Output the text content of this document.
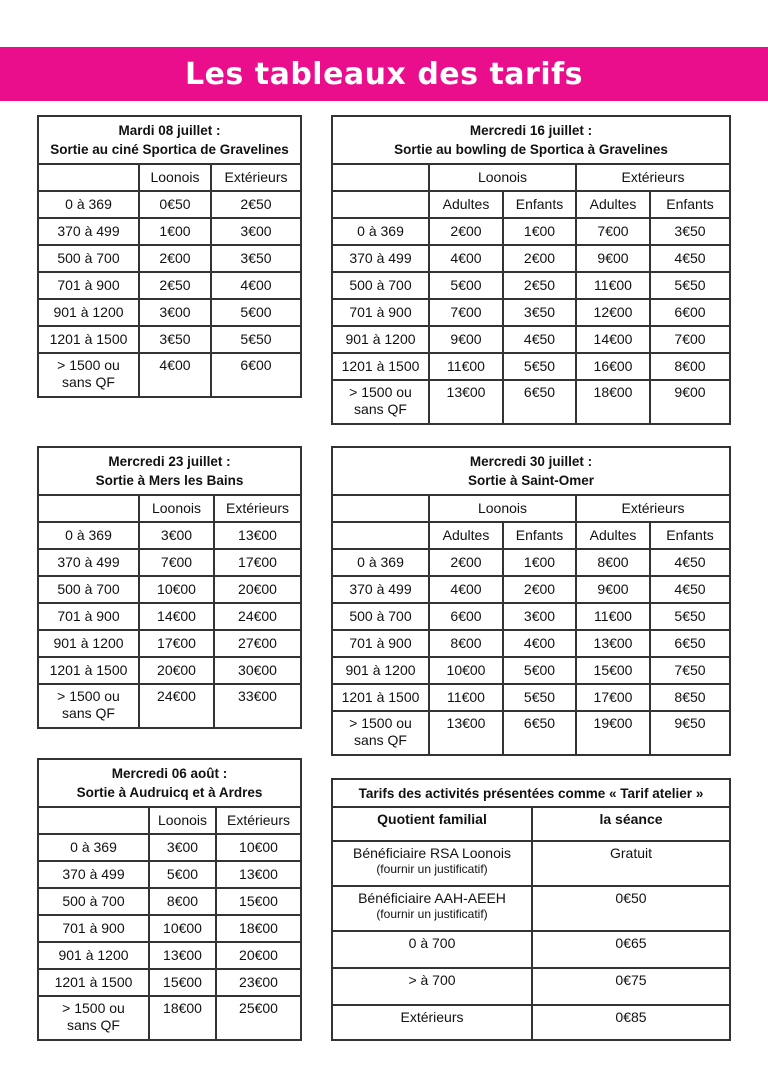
Les tableaux des tarifs
Mardi 08 juillet :
Sortie au ciné Sportica de Gravelines		
	Loonois	Extérieurs
0 à 369	0€50	2€50
370 à 499	1€00	3€00
500 à 700	2€00	3€50
701 à 900	2€50	4€00
901 à 1200	3€00	5€00
1201 à 1500	3€50	5€50
> 1500 ou
sans QF	4€00	6€00
Mercredi 16 juillet :
Sortie au bowling de Sportica à Gravelines				
	Loonois		Extérieurs	
	Adultes	Enfants	Adultes	Enfants
0 à 369	2€00	1€00	7€00	3€50
370 à 499	4€00	2€00	9€00	4€50
500 à 700	5€00	2€50	11€00	5€50
701 à 900	7€00	3€50	12€00	6€00
901 à 1200	9€00	4€50	14€00	7€00
1201 à 1500	11€00	5€50	16€00	8€00
> 1500 ou
sans QF	13€00	6€50	18€00	9€00
Mercredi 23 juillet :
Sortie à Mers les Bains		
	Loonois	Extérieurs
0 à 369	3€00	13€00
370 à 499	7€00	17€00
500 à 700	10€00	20€00
701 à 900	14€00	24€00
901 à 1200	17€00	27€00
1201 à 1500	20€00	30€00
> 1500 ou
sans QF	24€00	33€00
Mercredi 30 juillet :
Sortie à Saint-Omer				
	Loonois		Extérieurs	
	Adultes	Enfants	Adultes	Enfants
0 à 369	2€00	1€00	8€00	4€50
370 à 499	4€00	2€00	9€00	4€50
500 à 700	6€00	3€00	11€00	5€50
701 à 900	8€00	4€00	13€00	6€50
901 à 1200	10€00	5€00	15€00	7€50
1201 à 1500	11€00	5€50	17€00	8€50
> 1500 ou
sans QF	13€00	6€50	19€00	9€50
Mercredi 06 août :
Sortie à Audruicq et à Ardres		
	Loonois	Extérieurs
0 à 369	3€00	10€00
370 à 499	5€00	13€00
500 à 700	8€00	15€00
701 à 900	10€00	18€00
901 à 1200	13€00	20€00
1201 à 1500	15€00	23€00
> 1500 ou
sans QF	18€00	25€00
Tarifs des activités présentées comme « Tarif atelier »	
Quotient familial	la séance
Bénéficiaire RSA Loonois
(fournir un justificatif)	Gratuit
Bénéficiaire AAH-AEEH
(fournir un justificatif)	0€50
0 à 700	0€65
> à 700	0€75
Extérieurs	0€85
